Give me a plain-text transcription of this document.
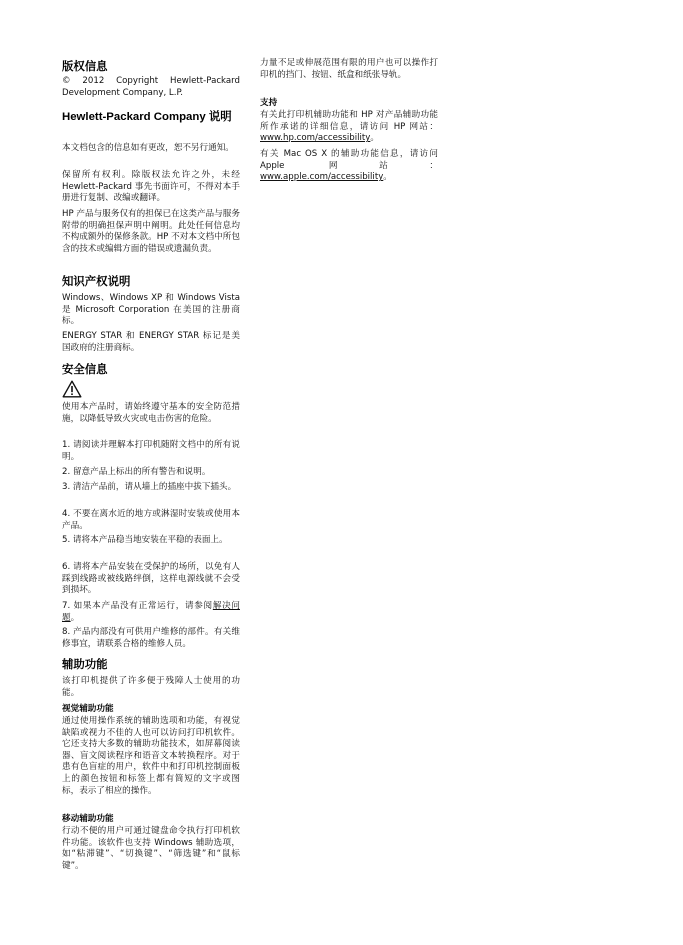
版权信息

© 2012 Copyright Hewlett-Packard Development Company, L.P.

Hewlett-Packard Company 说明

本文档包含的信息如有更改，恕不另行通知。

保留所有权利。除版权法允许之外，未经 Hewlett-Packard 事先书面许可，不得对本手册进行复制、改编或翻译。

HP 产品与服务仅有的担保已在这类产品与服务附带的明确担保声明中阐明。此处任何信息均不构成额外的保修条款。HP 不对本文档中所包含的技术或编辑方面的错误或遗漏负责。

知识产权说明

Windows、Windows XP 和 Windows Vista 是 Microsoft Corporation 在美国的注册商标。

ENERGY STAR 和 ENERGY STAR 标记是美国政府的注册商标。

安全信息

使用本产品时，请始终遵守基本的安全防范措施，以降低导致火灾或电击伤害的危险。

1. 请阅读并理解本打印机随附文档中的所有说明。

2. 留意产品上标出的所有警告和说明。

3. 清洁产品前，请从墙上的插座中拔下插头。

4. 不要在离水近的地方或淋湿时安装或使用本产品。

5. 请将本产品稳当地安装在平稳的表面上。

6. 请将本产品安装在受保护的场所，以免有人踩到线路或被线路绊倒，这样电源线就不会受到损坏。

7. 如果本产品没有正常运行，请参阅解决问题。

8. 产品内部没有可供用户维修的部件。有关维修事宜，请联系合格的维修人员。

辅助功能

该打印机提供了许多便于残障人士使用的功能。

视觉辅助功能

通过使用操作系统的辅助选项和功能，有视觉缺陷或视力不佳的人也可以访问打印机软件。它还支持大多数的辅助功能技术，如屏幕阅读器、盲文阅读程序和语音文本转换程序。对于患有色盲症的用户，软件中和打印机控制面板上的颜色按钮和标签上都有简短的文字或图标，表示了相应的操作。

移动辅助功能

行动不便的用户可通过键盘命令执行打印机软件功能。该软件也支持 Windows 辅助选项，如“粘滞键”、“切换键”、“筛选键”和“鼠标键”。

力量不足或伸展范围有限的用户也可以操作打印机的挡门、按钮、纸盒和纸张导轨。

支持

有关此打印机辅助功能和 HP 对产品辅助功能所作承诺的详细信息，请访问 HP 网站：www.hp.com/accessibility。

有关 Mac OS X 的辅助功能信息，请访问 Apple 网站：www.apple.com/accessibility。
